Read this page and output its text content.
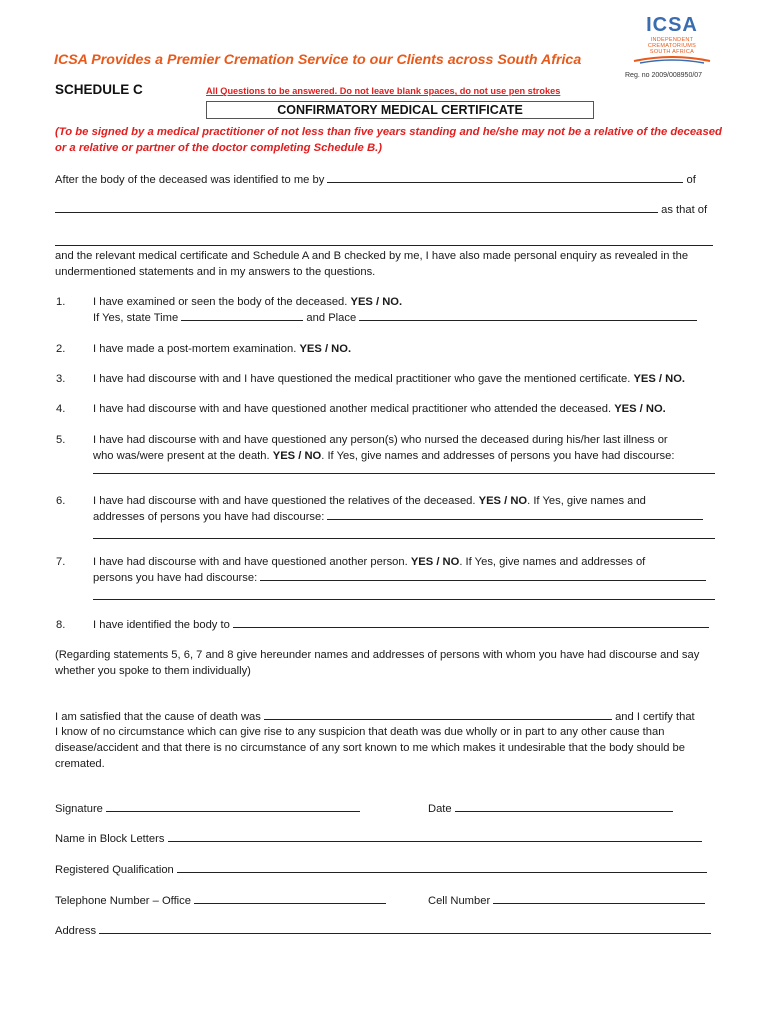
ICSA
INDEPENDENT
CREMATORIUMS
SOUTH AFRICA
ICSA Provides a Premier Cremation Service to our Clients across South Africa
Reg. no 2009/008950/07
SCHEDULE C	All Questions to be answered. Do not leave blank spaces, do not use pen strokes
CONFIRMATORY MEDICAL CERTIFICATE
(To be signed by a medical practitioner of not less than five years standing and he/she may not be a relative of the deceased or a relative or partner of the doctor completing Schedule B.)
After the body of the deceased was identified to me by	of
as that of
and the relevant medical certificate and Schedule A and B checked by me, I have also made personal enquiry as revealed in the undermentioned statements and in my answers to the questions.
1. I have examined or seen the body of the deceased. YES / NO.
If Yes, state Time	and Place
2. I have made a post-mortem examination. YES / NO.
3. I have had discourse with and I have questioned the medical practitioner who gave the mentioned certificate. YES / NO.
4. I have had discourse with and have questioned another medical practitioner who attended the deceased. YES / NO.
5. I have had discourse with and have questioned any person(s) who nursed the deceased during his/her last illness or
who was/were present at the death. YES / NO. If Yes, give names and addresses of persons you have had discourse:
6. I have had discourse with and have questioned the relatives of the deceased. YES / NO. If Yes, give names and
addresses of persons you have had discourse:
7. I have had discourse with and have questioned another person. YES / NO. If Yes, give names and addresses of
persons you have had discourse:
8. I have identified the body to
(Regarding statements 5, 6, 7 and 8 give hereunder names and addresses of persons with whom you have had discourse and say whether you spoke to them individually)
I am satisfied that the cause of death was	and I certify that
I know of no circumstance which can give rise to any suspicion that death was due wholly or in part to any other cause than disease/accident and that there is no circumstance of any sort known to me which makes it undesirable that the body should be cremated.
Signature	Date
Name in Block Letters
Registered Qualification
Telephone Number – Office	Cell Number
Address
